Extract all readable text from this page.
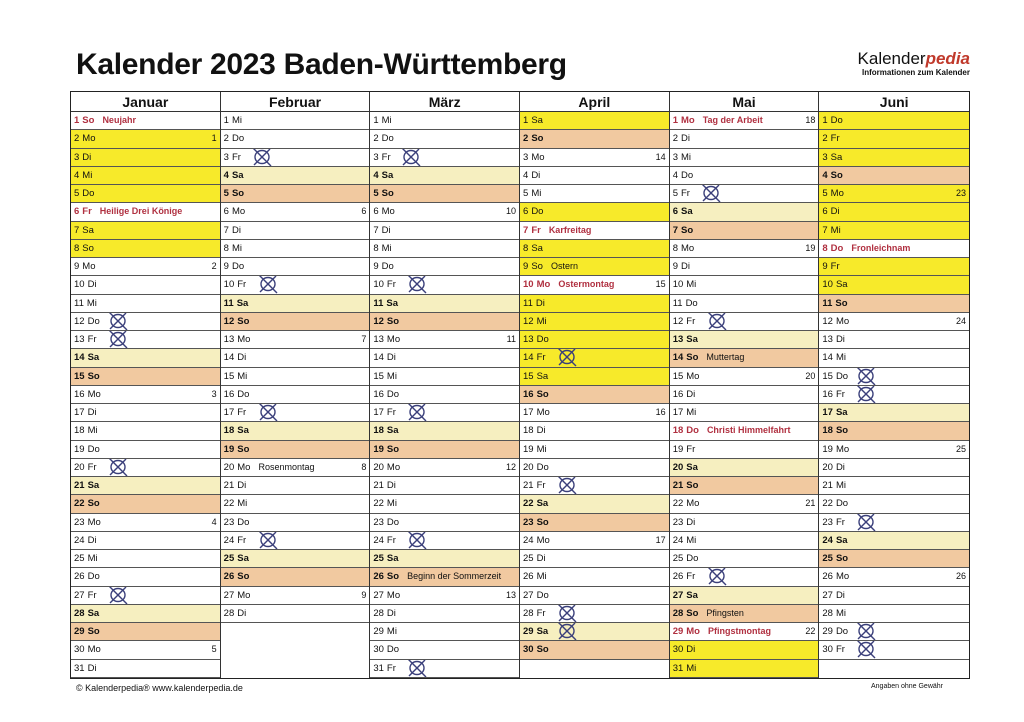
Kalender 2023 Baden-Württemberg	Kalenderpedia
Informationen zum Kalender
Januar
1 So Neujahr
2 Mo	1
3 Di
4 Mi
5 Do
6 Fr Heilige Drei Könige
7 Sa
8 So
9 Mo	2
10 Di
11 Mi
12 Do
13 Fr
14 Sa
15 So
16 Mo	3
17 Di
18 Mi
19 Do
20 Fr
21 Sa
22 So
23 Mo	4
24 Di
25 Mi
26 Do
27 Fr
28 Sa
29 So
30 Mo	5
31 Di
Februar
1 Mi
2 Do
3 Fr
4 Sa
5 So
6 Mo	6
7 Di
8 Mi
9 Do
10 Fr
11 Sa
12 So
13 Mo	7
14 Di
15 Mi
16 Do
17 Fr
18 Sa
19 So
20 Mo Rosenmontag	8
21 Di
22 Mi
23 Do
24 Fr
25 Sa
26 So
27 Mo	9
28 Di
März
1 Mi
2 Do
3 Fr
4 Sa
5 So
6 Mo	10
7 Di
8 Mi
9 Do
10 Fr
11 Sa
12 So
13 Mo	11
14 Di
15 Mi
16 Do
17 Fr
18 Sa
19 So
20 Mo	12
21 Di
22 Mi
23 Do
24 Fr
25 Sa
26 So Beginn der Sommerzeit
27 Mo	13
28 Di
29 Mi
30 Do
31 Fr
April
1 Sa
2 So
3 Mo	14
4 Di
5 Mi
6 Do
7 Fr Karfreitag
8 Sa
9 So Ostern
10 Mo Ostermontag	15
11 Di
12 Mi
13 Do
14 Fr
15 Sa
16 So
17 Mo	16
18 Di
19 Mi
20 Do
21 Fr
22 Sa
23 So
24 Mo	17
25 Di
26 Mi
27 Do
28 Fr
29 Sa
30 So
Mai
1 Mo Tag der Arbeit	18
2 Di
3 Mi
4 Do
5 Fr
6 Sa
7 So
8 Mo	19
9 Di
10 Mi
11 Do
12 Fr
13 Sa
14 So Muttertag
15 Mo	20
16 Di
17 Mi
18 Do Christi Himmelfahrt
19 Fr
20 Sa
21 So
22 Mo	21
23 Di
24 Mi
25 Do
26 Fr
27 Sa
28 So Pfingsten
29 Mo Pfingstmontag	22
30 Di
31 Mi
Juni
1 Do
2 Fr
3 Sa
4 So
5 Mo	23
6 Di
7 Mi
8 Do Fronleichnam
9 Fr
10 Sa
11 So
12 Mo	24
13 Di
14 Mi
15 Do
16 Fr
17 Sa
18 So
19 Mo	25
20 Di
21 Mi
22 Do
23 Fr
24 Sa
25 So
26 Mo	26
27 Di
28 Mi
29 Do
30 Fr
© Kalenderpedia® www.kalenderpedia.de	Angaben ohne Gewähr
